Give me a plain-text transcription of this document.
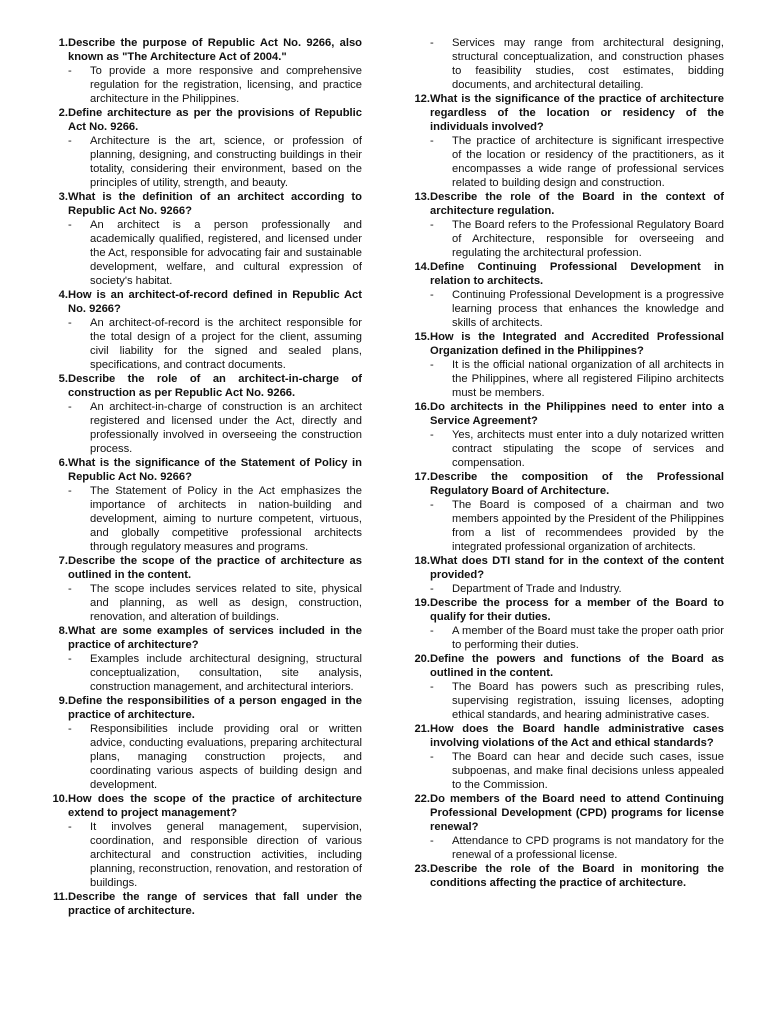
1. Describe the purpose of Republic Act No. 9266, also known as "The Architecture Act of 2004."
-	To provide a more responsive and comprehensive regulation for the registration, licensing, and practice architecture in the Philippines.
2. Define architecture as per the provisions of Republic Act No. 9266.
-	Architecture is the art, science, or profession of planning, designing, and constructing buildings in their totality, considering their environment, based on the principles of utility, strength, and beauty.
3. What is the definition of an architect according to Republic Act No. 9266?
-	An architect is a person professionally and academically qualified, registered, and licensed under the Act, responsible for advocating fair and sustainable development, welfare, and cultural expression of society's habitat.
4. How is an architect-of-record defined in Republic Act No. 9266?
-	An architect-of-record is the architect responsible for the total design of a project for the client, assuming civil liability for the signed and sealed plans, specifications, and contract documents.
5. Describe the role of an architect-in-charge of construction as per Republic Act No. 9266.
-	An architect-in-charge of construction is an architect registered and licensed under the Act, directly and professionally involved in overseeing the construction process.
6. What is the significance of the Statement of Policy in Republic Act No. 9266?
-	The Statement of Policy in the Act emphasizes the importance of architects in nation-building and development, aiming to nurture competent, virtuous, and globally competitive professional architects through regulatory measures and programs.
7. Describe the scope of the practice of architecture as outlined in the content.
-	The scope includes services related to site, physical and planning, as well as design, construction, renovation, and alteration of buildings.
8. What are some examples of services included in the practice of architecture?
-	Examples include architectural designing, structural conceptualization, consultation, site analysis, construction management, and architectural interiors.
9. Define the responsibilities of a person engaged in the practice of architecture.
-	Responsibilities include providing oral or written advice, conducting evaluations, preparing architectural plans, managing construction projects, and coordinating various aspects of building design and development.
10. How does the scope of the practice of architecture extend to project management?
-	It involves general management, supervision, coordination, and responsible direction of various architectural and construction activities, including planning, reconstruction, renovation, and restoration of buildings.
11. Describe the range of services that fall under the practice of architecture.
-	Services may range from architectural designing, structural conceptualization, and construction phases to feasibility studies, cost estimates, bidding documents, and architectural detailing.
12. What is the significance of the practice of architecture regardless of the location or residency of the individuals involved?
-	The practice of architecture is significant irrespective of the location or residency of the practitioners, as it encompasses a wide range of professional services related to building design and construction.
13. Describe the role of the Board in the context of architecture regulation.
-	The Board refers to the Professional Regulatory Board of Architecture, responsible for overseeing and regulating the architectural profession.
14. Define Continuing Professional Development in relation to architects.
-	Continuing Professional Development is a progressive learning process that enhances the knowledge and skills of architects.
15. How is the Integrated and Accredited Professional Organization defined in the Philippines?
-	It is the official national organization of all architects in the Philippines, where all registered Filipino architects must be members.
16. Do architects in the Philippines need to enter into a Service Agreement?
-	Yes, architects must enter into a duly notarized written contract stipulating the scope of services and compensation.
17. Describe the composition of the Professional Regulatory Board of Architecture.
-	The Board is composed of a chairman and two members appointed by the President of the Philippines from a list of recommendees provided by the integrated professional organization of architects.
18. What does DTI stand for in the context of the content provided?
-	Department of Trade and Industry.
19. Describe the process for a member of the Board to qualify for their duties.
-	A member of the Board must take the proper oath prior to performing their duties.
20. Define the powers and functions of the Board as outlined in the content.
-	The Board has powers such as prescribing rules, supervising registration, issuing licenses, adopting ethical standards, and hearing administrative cases.
21. How does the Board handle administrative cases involving violations of the Act and ethical standards?
-	The Board can hear and decide such cases, issue subpoenas, and make final decisions unless appealed to the Commission.
22. Do members of the Board need to attend Continuing Professional Development (CPD) programs for license renewal?
-	Attendance to CPD programs is not mandatory for the renewal of a professional license.
23. Describe the role of the Board in monitoring the conditions affecting the practice of architecture.
